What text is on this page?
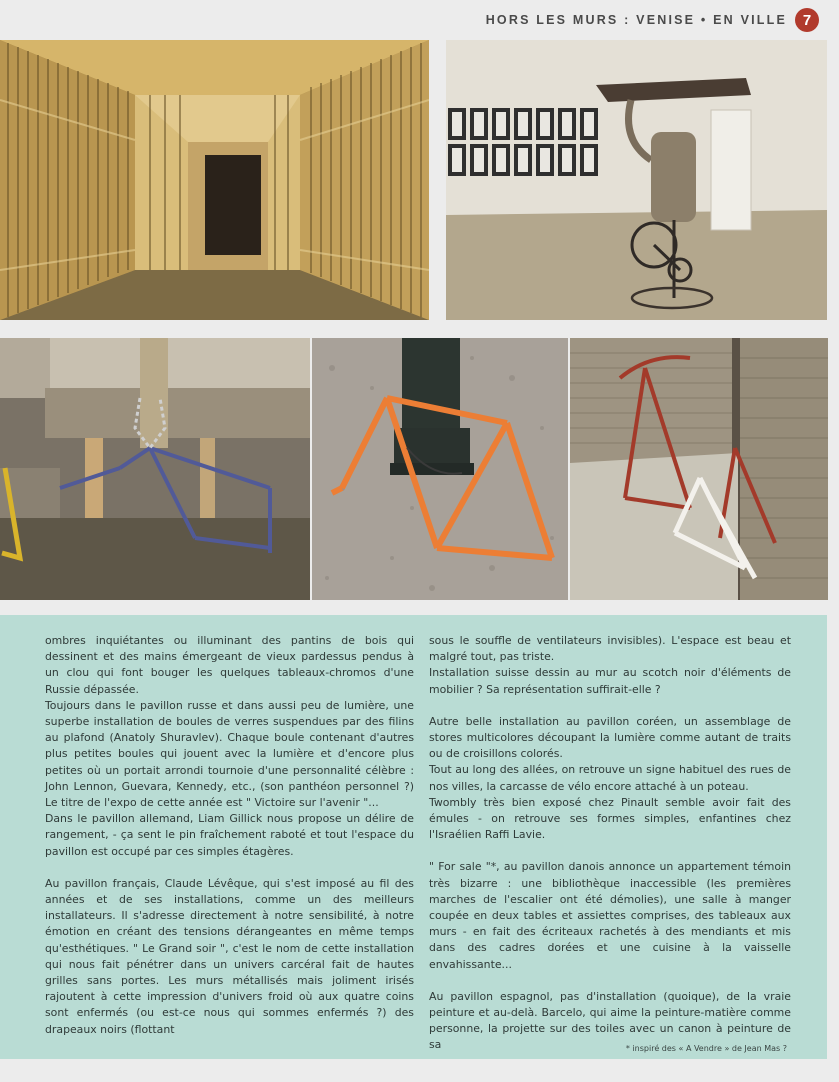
HORS LES MURS : VENISE • EN VILLE	7

ombres inquiétantes ou illuminant des pantins de bois qui dessinent et des mains émergeant de vieux pardessus pendus à un clou qui font bouger les quelques tableaux-chromos d'une Russie dépassée.

Toujours dans le pavillon russe et dans aussi peu de lumière, une superbe installation de boules de verres suspendues par des filins au plafond (Anatoly Shuravlev). Chaque boule contenant d'autres plus petites boules qui jouent avec la lumière et d'encore plus petites où un portait arrondi tournoie d'une personnalité célèbre : John Lennon, Guevara, Kennedy, etc., (son panthéon personnel ?) Le titre de l'expo de cette année est " Victoire sur l'avenir "...

Dans le pavillon allemand, Liam Gillick nous propose un délire de rangement, - ça sent le pin fraîchement raboté et tout l'espace du pavillon est occupé par ces simples étagères.

Au pavillon français, Claude Lévêque, qui s'est imposé au fil des années et de ses installations, comme un des meilleurs installateurs. Il s'adresse directement à notre sensibilité, à notre émotion en créant des tensions dérangeantes en même temps qu'esthétiques. " Le Grand soir ", c'est le nom de cette installation qui nous fait pénétrer dans un univers carcéral fait de hautes grilles sans portes. Les murs métallisés mais joliment irisés rajoutent à cette impression d'univers froid où aux quatre coins sont enfermés (ou est-ce nous qui sommes enfermés ?) des drapeaux noirs (flottant

sous le souffle de ventilateurs invisibles). L'espace est beau et malgré tout, pas triste.

Installation suisse dessin au mur au scotch noir d'éléments de mobilier ? Sa représentation suffirait-elle ?

Autre belle installation au pavillon coréen, un assemblage de stores multicolores découpant la lumière comme autant de traits ou de croisillons colorés.

Tout au long des allées, on retrouve un signe habituel des rues de nos villes, la carcasse de vélo encore attaché à un poteau.

Twombly très bien exposé chez Pinault semble avoir fait des émules - on retrouve ses formes simples, enfantines chez l'Israélien Raffi Lavie.

" For sale "*, au pavillon danois annonce un appartement témoin très bizarre : une bibliothèque inaccessible (les premières marches de l'escalier ont été démolies), une salle à manger coupée en deux tables et assiettes comprises, des tableaux aux murs - en fait des écriteaux rachetés à des mendiants et mis dans des cadres dorées et une cuisine à la vaisselle envahissante...

Au pavillon espagnol, pas d'installation (quoique), de la vraie peinture et au-delà. Barcelo, qui aime la peinture-matière comme personne, la projette sur des toiles avec un canon à peinture de sa	* inspiré des « A Vendre » de Jean Mas ?
